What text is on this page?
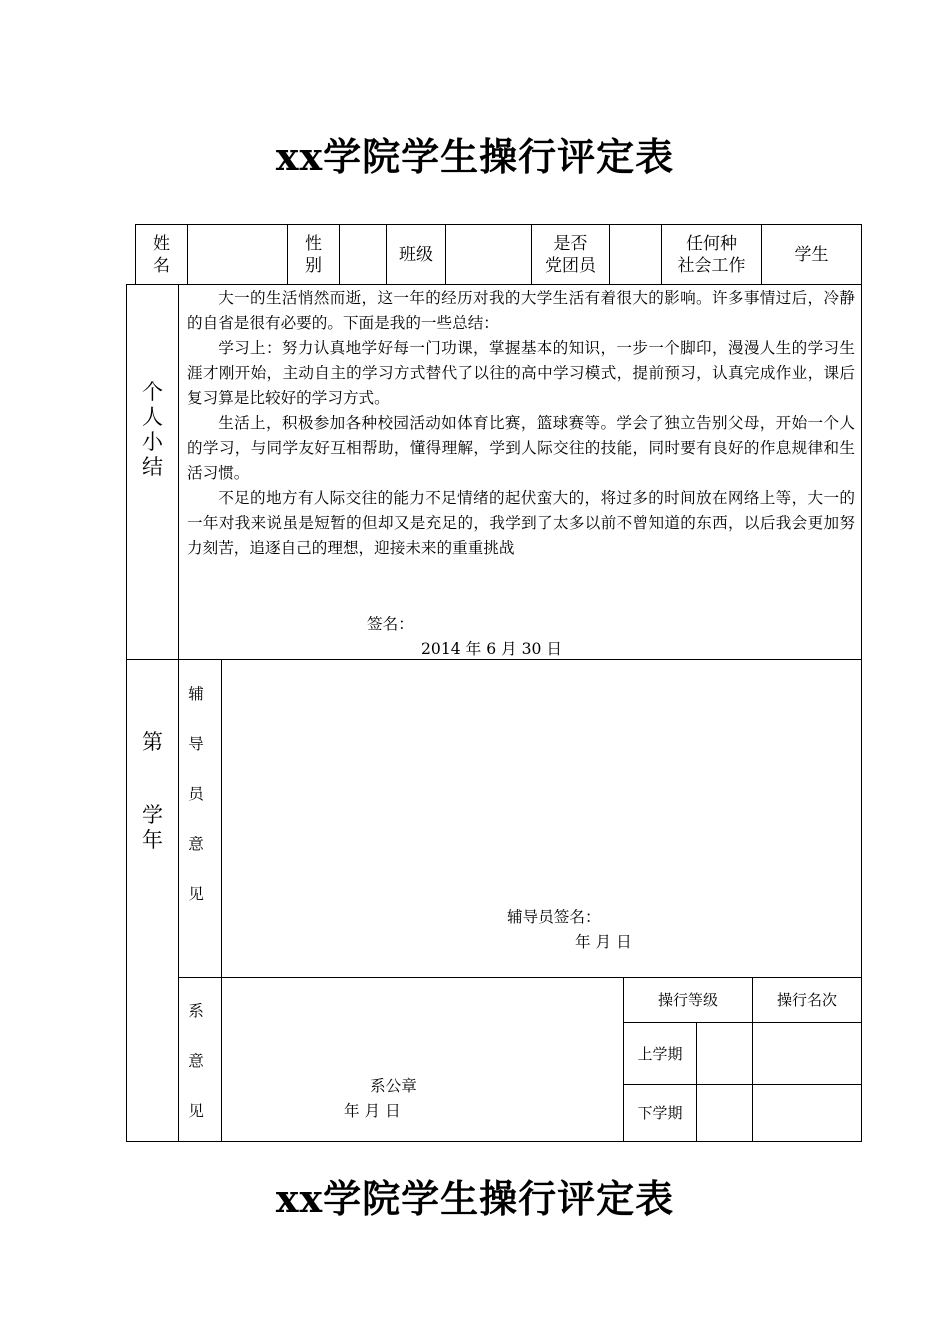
xx学院学生操行评定表
姓
名
性
别
班级
是否
党团员
任何种
社会工作
学生
个
人
小
结

大一的生活悄然而逝，这一年的经历对我的大学生活有着很大的影响。许多事情过后，冷静的自省是很有必要的。下面是我的一些总结：

学习上：努力认真地学好每一门功课，掌握基本的知识，一步一个脚印，漫漫人生的学习生涯才刚开始，主动自主的学习方式替代了以往的高中学习模式，提前预习，认真完成作业，课后复习算是比较好的学习方式。

生活上，积极参加各种校园活动如体育比赛，篮球赛等。学会了独立告别父母，开始一个人的学习，与同学友好互相帮助，懂得理解，学到人际交往的技能，同时要有良好的作息规律和生活习惯。

不足的地方有人际交往的能力不足情绪的起伏蛮大的，将过多的时间放在网络上等，大一的一年对我来说虽是短暂的但却又是充足的，我学到了太多以前不曾知道的东西，以后我会更加努力刻苦，追逐自己的理想，迎接未来的重重挑战

签名：
2014 年 6 月 30 日
第
学
年
辅
导
员
意
见
辅导员签名：
年 月 日
系
意
见
系公章
年 月 日
操行等级	操行名次
上学期
下学期
xx学院学生操行评定表
